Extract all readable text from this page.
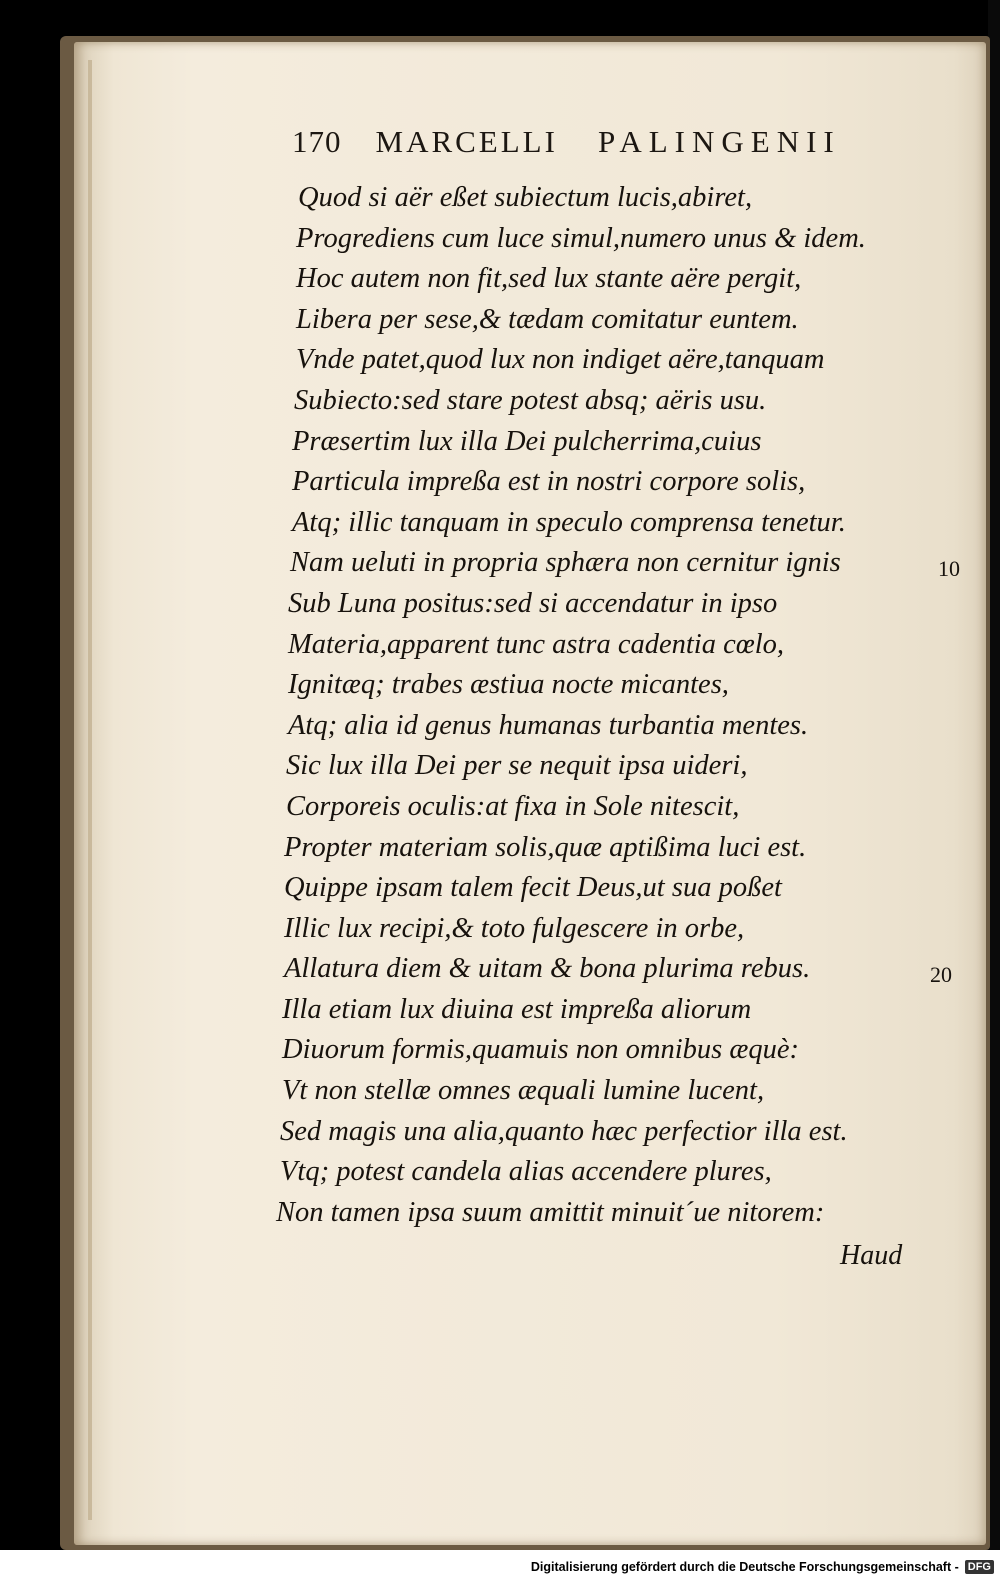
170 MARCELLI PALINGENII
Quod si aër eßet subiectum lucis,abiret,
Progrediens cum luce simul,numero unus & idem.
Hoc autem non fit,sed lux stante aëre pergit,
Libera per sese,& tædam comitatur euntem.
Vnde patet,quod lux non indiget aëre,tanquam
Subiecto:sed stare potest absq; aëris usu.
Præsertim lux illa Dei pulcherrima,cuius
Particula impreßa est in nostri corpore solis,
Atq; illic tanquam in speculo comprensa tenetur.
Nam ueluti in propria sphæra non cernitur ignis
Sub Luna positus:sed si accendatur in ipso
Materia,apparent tunc astra cadentia cœlo,
Ignitæq; trabes æstiua nocte micantes,
Atq; alia id genus humanas turbantia mentes.
Sic lux illa Dei per se nequit ipsa uideri,
Corporeis oculis:at fixa in Sole nitescit,
Propter materiam solis,quæ aptißima luci est.
Quippe ipsam talem fecit Deus,ut sua poßet
Illic lux recipi,& toto fulgescere in orbe,
Allatura diem & uitam & bona plurima rebus.
Illa etiam lux diuina est impreßa aliorum
Diuorum formis,quamuis non omnibus æquè:
Vt non stellæ omnes æquali lumine lucent,
Sed magis una alia,quanto hæc perfectior illa est.
Vtq; potest candela alias accendere plures,
Non tamen ipsa suum amittit minuit´ue nitorem:
10
20
Haud
Digitalisierung gefördert durch die Deutsche Forschungsgemeinschaft - DFG
